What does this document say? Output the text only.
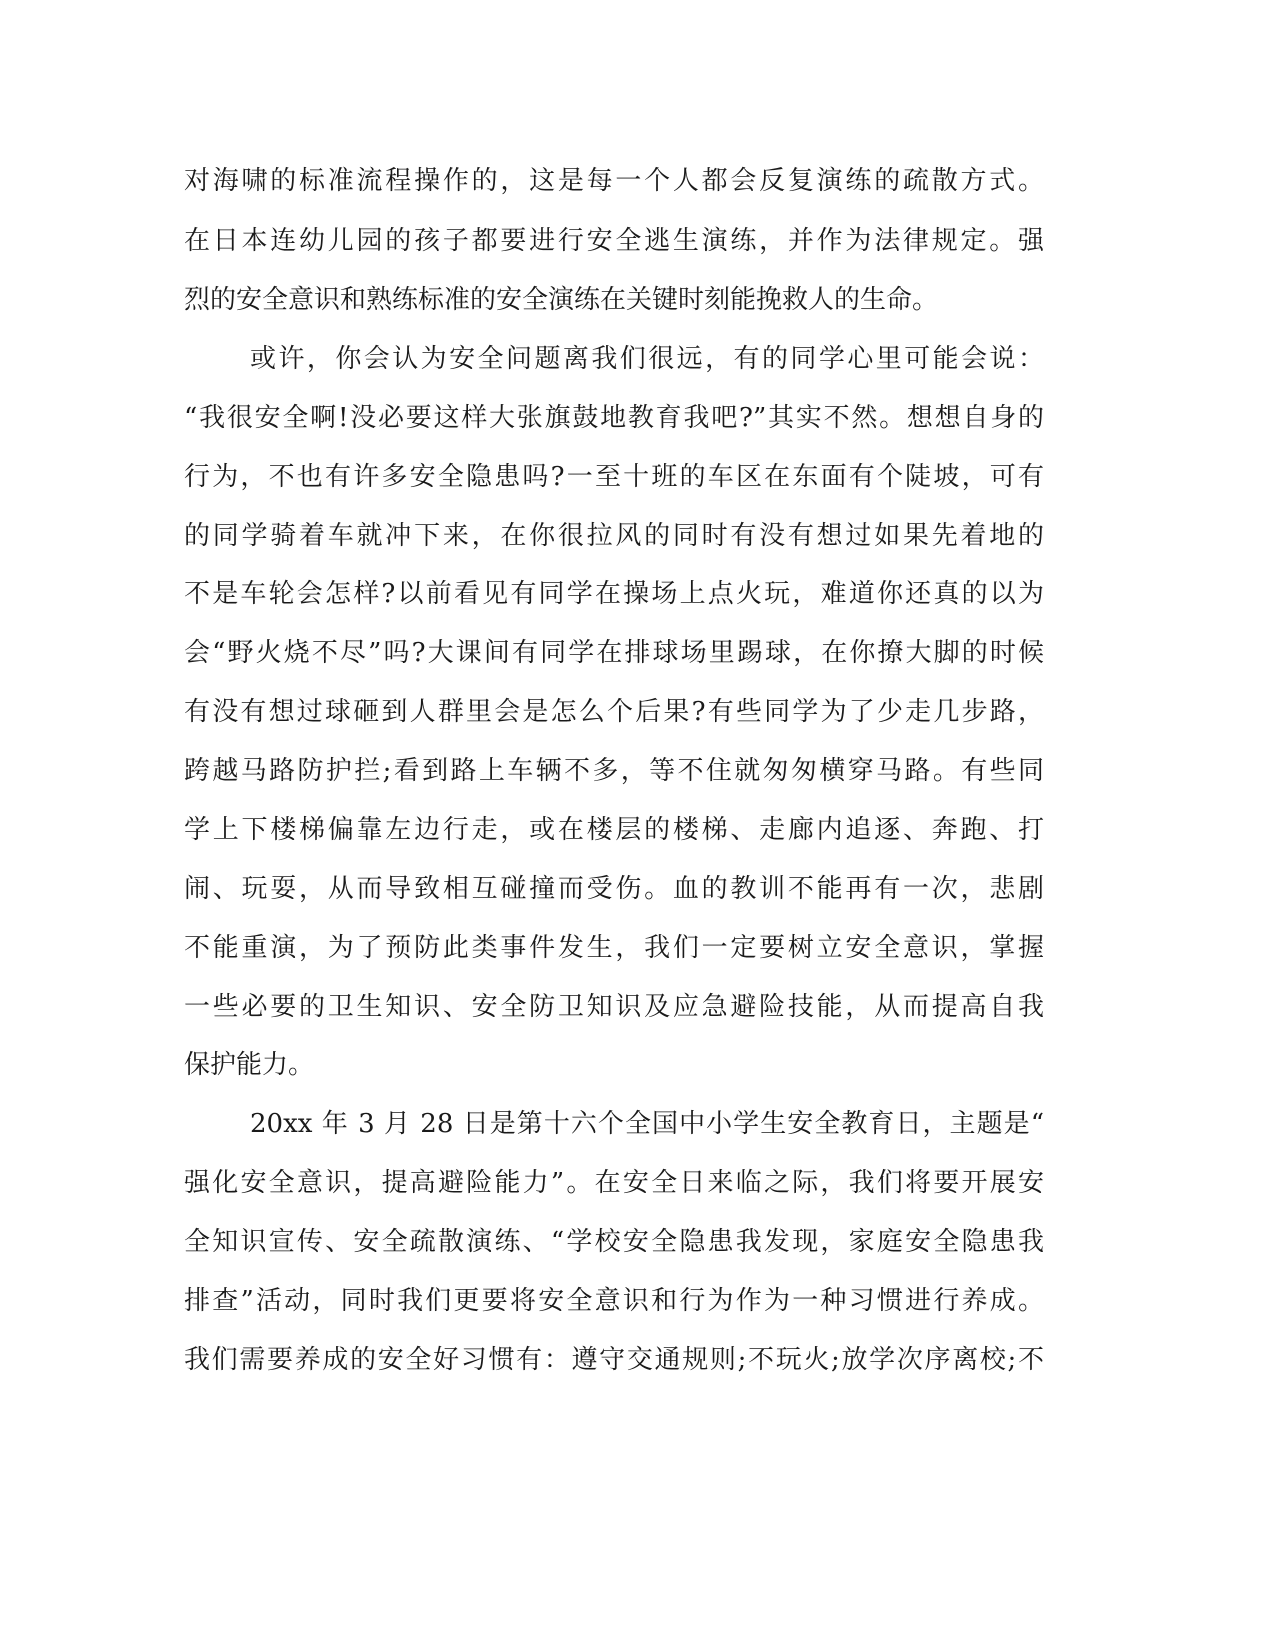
对海啸的标准流程操作的，这是每一个人都会反复演练的疏散方式。

在日本连幼儿园的孩子都要进行安全逃生演练，并作为法律规定。强

烈的安全意识和熟练标准的安全演练在关键时刻能挽救人的生命。

或许，你会认为安全问题离我们很远，有的同学心里可能会说：

“我很安全啊!没必要这样大张旗鼓地教育我吧?”其实不然。想想自身的

行为，不也有许多安全隐患吗?一至十班的车区在东面有个陡坡，可有

的同学骑着车就冲下来，在你很拉风的同时有没有想过如果先着地的

不是车轮会怎样?以前看见有同学在操场上点火玩，难道你还真的以为

会“野火烧不尽”吗?大课间有同学在排球场里踢球，在你撩大脚的时候

有没有想过球砸到人群里会是怎么个后果?有些同学为了少走几步路，

跨越马路防护拦;看到路上车辆不多，等不住就匆匆横穿马路。有些同

学上下楼梯偏靠左边行走，或在楼层的楼梯、走廊内追逐、奔跑、打

闹、玩耍，从而导致相互碰撞而受伤。血的教训不能再有一次，悲剧

不能重演，为了预防此类事件发生，我们一定要树立安全意识，掌握

一些必要的卫生知识、安全防卫知识及应急避险技能，从而提高自我

保护能力。

20xx 年 3 月 28 日是第十六个全国中小学生安全教育日，主题是“

强化安全意识，提高避险能力”。在安全日来临之际，我们将要开展安

全知识宣传、安全疏散演练、“学校安全隐患我发现，家庭安全隐患我

排查”活动，同时我们更要将安全意识和行为作为一种习惯进行养成。

我们需要养成的安全好习惯有：遵守交通规则;不玩火;放学次序离校;不
